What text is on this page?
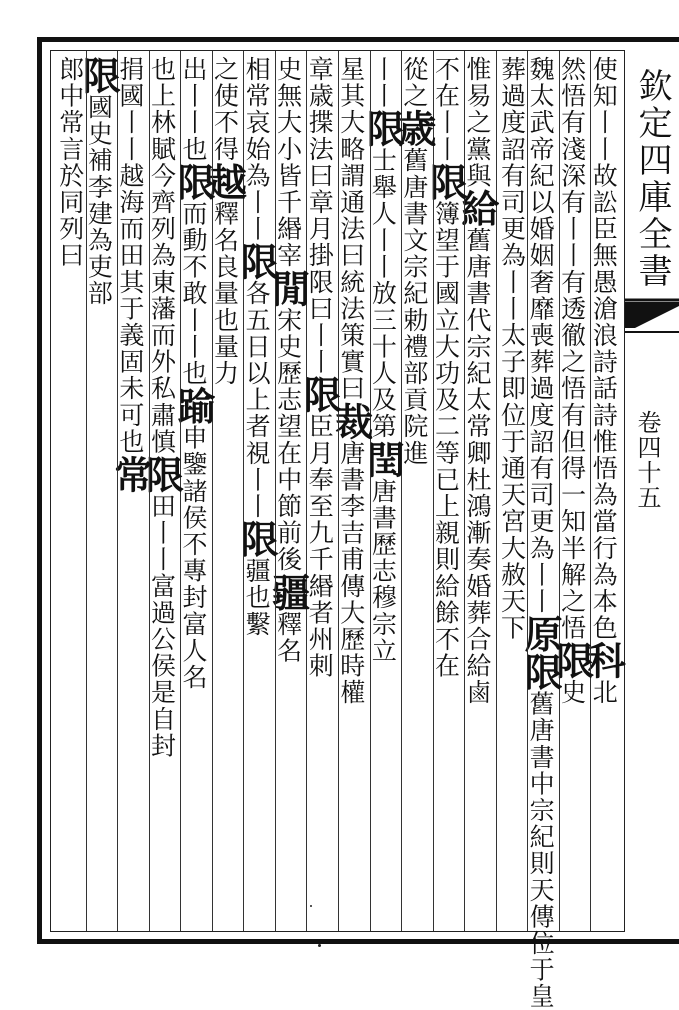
欽定四庫全書
卷四十五
使知丨丨故訟臣無愚滄浪詩話詩惟悟為當行為本色科北
然悟有淺深有丨丨有透徹之悟有但得一知半解之悟限史
魏太武帝紀以婚姻奢靡喪葬過度詔有司更為丨丨原限舊唐書中宗紀則天傳位于皇
葬過度詔有司更為丨丨太子即位于通天宮大赦天下
惟易之黨與給舊唐書代宗紀太常卿杜鴻漸奏婚葬合給鹵
不在丨丨限簿望于國立大功及二等已上親則給餘不在
從之歳舊唐書文宗紀勅禮部貢院進
丨丨限士舉人丨丨放三十人及第閏唐書歷志穆宗立
星其大略謂通法曰統法策實曰裁唐書李吉甫傳大歷時權
章歳揲法曰章月掛限曰丨丨限臣月奉至九千緡者州刺
史無大小皆千緡宰閒宋史歷志望在中節前後疆釋名
相常哀始為丨丨限各五日以上者視丨丨限疆也繫
之使不得越釋名良量也量力
出丨丨也限而動不敢丨丨也踰申鑒諸侯不專封富人名
也上林賦今齊列為東藩而外私肅慎限田丨丨富過公侯是自封
捐國丨丨越海而田其于義固未可也常
限國史補李建為吏部
郎中常言於同列曰
